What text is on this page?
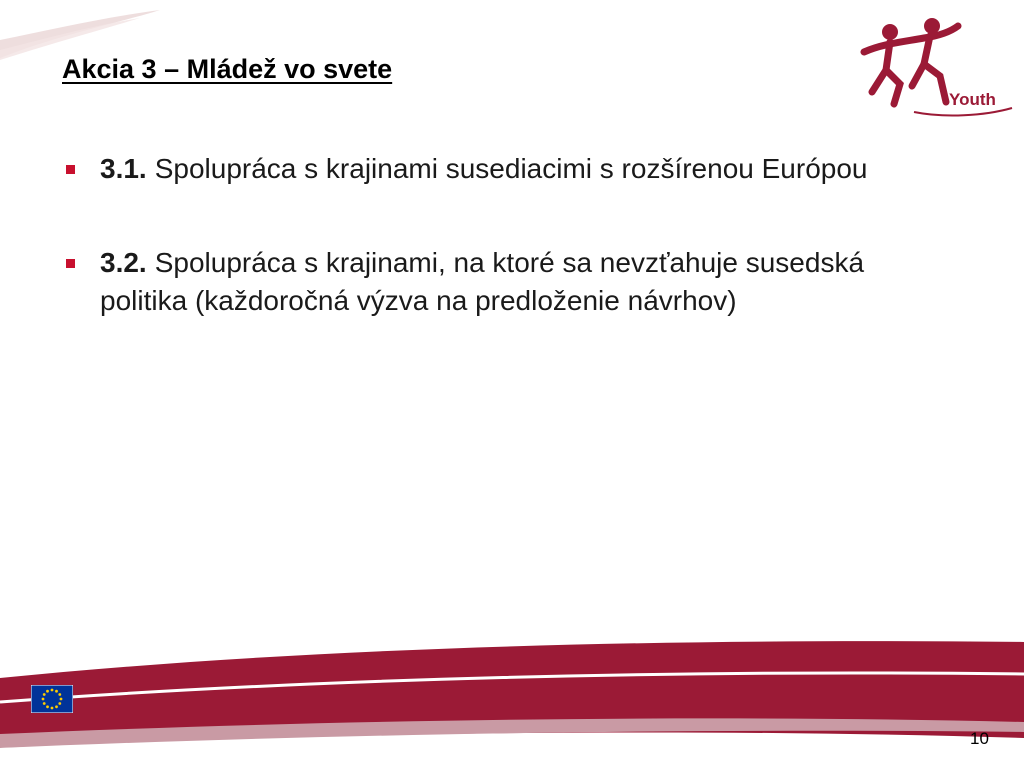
Akcia 3 – Mládež vo svete
Youth
3.1. Spolupráca s krajinami susediacimi s rozšírenou Európou
3.2. Spolupráca s krajinami, na ktoré sa nevzťahuje susedská politika (každoročná výzva na predloženie návrhov)
10
